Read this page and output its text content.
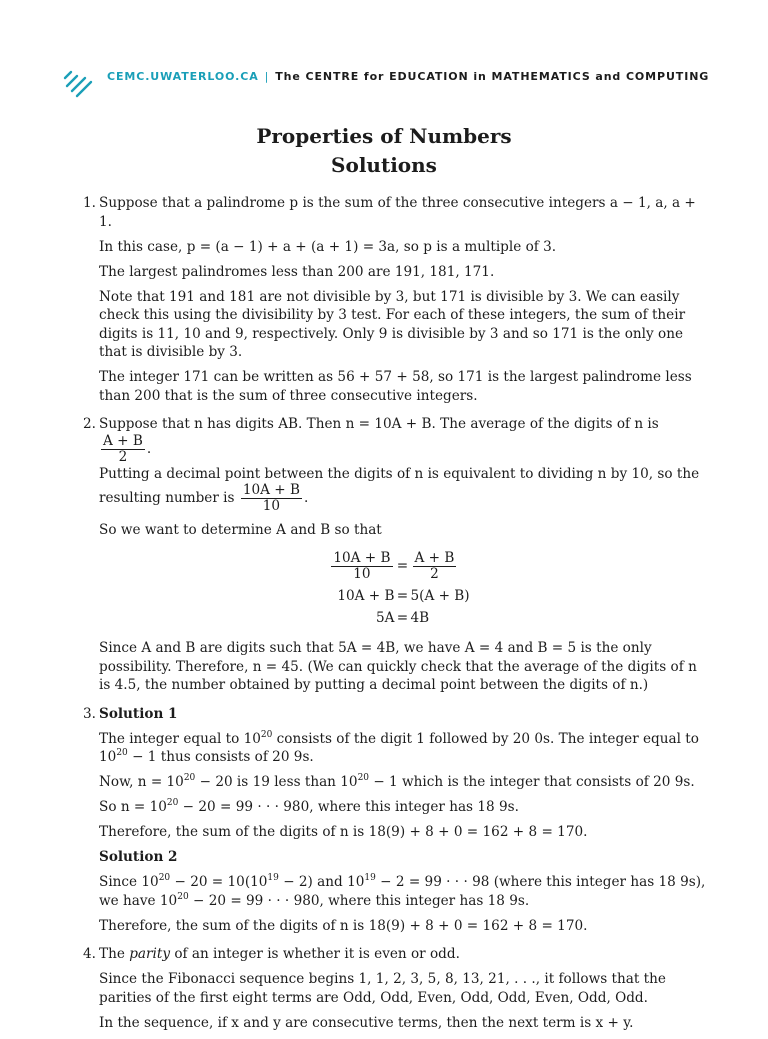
CEMC.UWATERLOO.CA | The CENTRE for EDUCATION in MATHEMATICS and COMPUTING
Properties of Numbers
Solutions
1. Suppose that a palindrome p is the sum of the three consecutive integers a − 1, a, a + 1.

In this case, p = (a − 1) + a + (a + 1) = 3a, so p is a multiple of 3.

The largest palindromes less than 200 are 191, 181, 171.

Note that 191 and 181 are not divisible by 3, but 171 is divisible by 3. We can easily check this using the divisibility by 3 test. For each of these integers, the sum of their digits is 11, 10 and 9, respectively. Only 9 is divisible by 3 and so 171 is the only one that is divisible by 3.

The integer 171 can be written as 56 + 57 + 58, so 171 is the largest palindrome less than 200 that is the sum of three consecutive integers.

2. Suppose that n has digits AB. Then n = 10A + B. The average of the digits of n is
$\frac{A + B}{2}$ .

Putting a decimal point between the digits of n is equivalent to dividing n by 10, so the resulting number is $\frac{10A + B}{10}$ .

So we want to determine A and B so that

$\frac{10A + B}{10} = \frac{A + B}{2}$
10A + B = 5(A + B)
5A = 4B

Since A and B are digits such that 5A = 4B, we have A = 4 and B = 5 is the only possibility. Therefore, n = 45. (We can quickly check that the average of the digits of n is 4.5, the number obtained by putting a decimal point between the digits of n.)

3. Solution 1

The integer equal to $10^{20}$ consists of the digit 1 followed by 20 0s. The integer equal to $10^{20} - 1$ thus consists of 20 9s.

Now, $n = 10^{20} - 20$ is 19 less than $10^{20} - 1$ which is the integer that consists of 20 9s.

So $n = 10^{20} - 20 = 99$ · · · 980, where this integer has 18 9s.

Therefore, the sum of the digits of n is 18(9) + 8 + 0 = 162 + 8 = 170.

Solution 2

Since $10^{20} - 20 = 10(10^{19} - 2)$ and $10^{19} - 2 = 99$ · · · 98 (where this integer has 18 9s), we have $10^{20} - 20 = 99$ · · · 980, where this integer has 18 9s.

Therefore, the sum of the digits of n is 18(9) + 8 + 0 = 162 + 8 = 170.

4. The parity of an integer is whether it is even or odd.

Since the Fibonacci sequence begins 1, 1, 2, 3, 5, 8, 13, 21, . . ., it follows that the parities of the first eight terms are Odd, Odd, Even, Odd, Odd, Even, Odd, Odd.

In the sequence, if x and y are consecutive terms, then the next term is x + y.
